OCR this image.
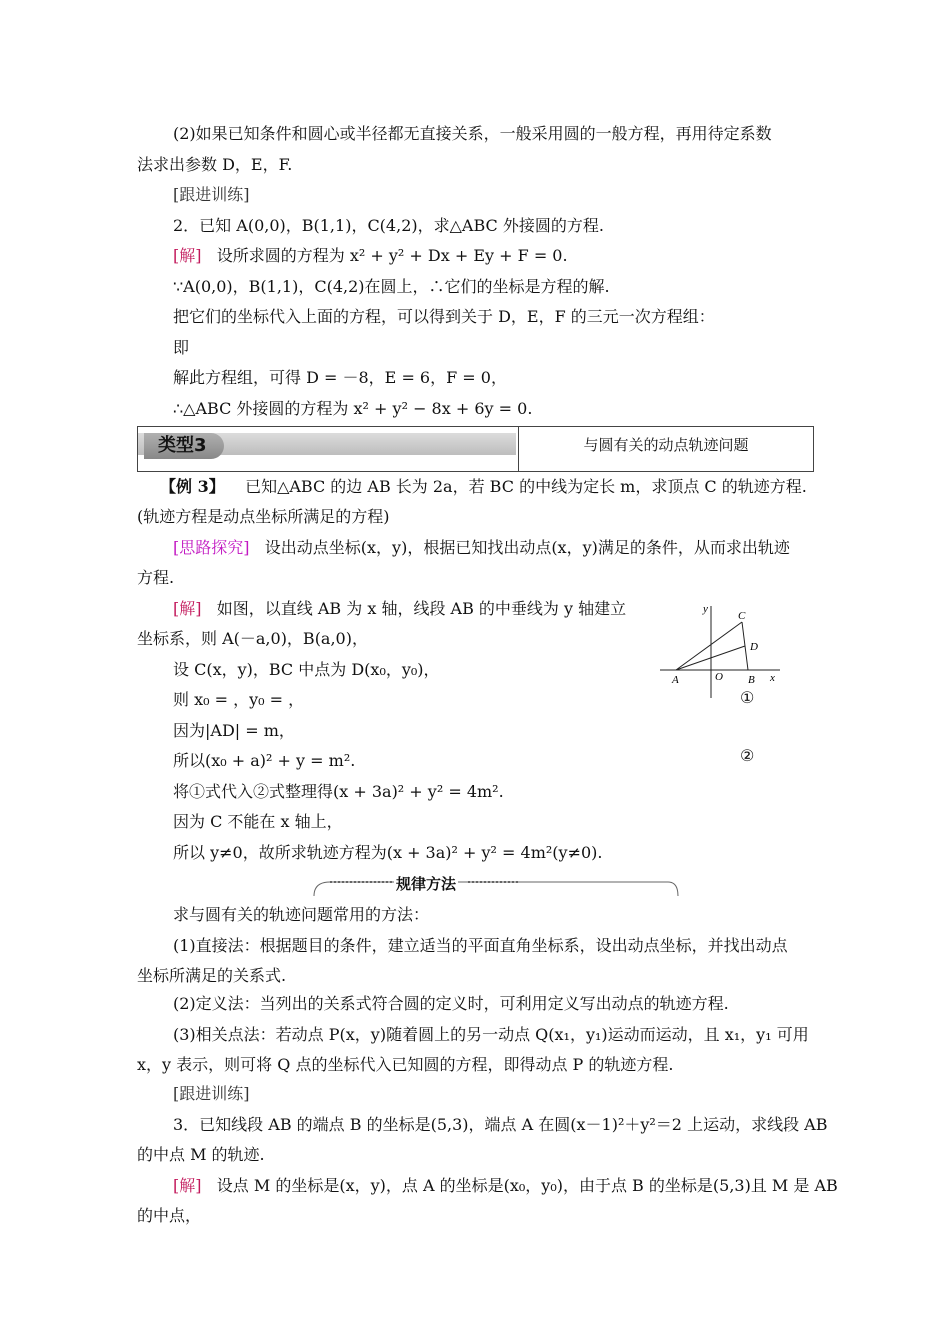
(2)如果已知条件和圆心或半径都无直接关系，一般采用圆的一般方程，再用待定系数
法求出参数 D，E，F.
[跟进训练]
2．已知 A(0,0)，B(1,1)，C(4,2)，求△ABC 外接圆的方程.
[解] 设所求圆的方程为 x² + y² + Dx + Ey + F = 0.
∵A(0,0)，B(1,1)，C(4,2)在圆上，∴它们的坐标是方程的解.
把它们的坐标代入上面的方程，可以得到关于 D，E，F 的三元一次方程组：
即
解此方程组，可得 D = －8，E = 6，F = 0，
∴△ABC 外接圆的方程为 x² + y² − 8x + 6y = 0.
类型3	与圆有关的动点轨迹问题
【例 3】 已知△ABC 的边 AB 长为 2a，若 BC 的中线为定长 m，求顶点 C 的轨迹方程.
(轨迹方程是动点坐标所满足的方程)
[思路探究] 设出动点坐标(x，y)，根据已知找出动点(x，y)满足的条件，从而求出轨迹
方程.
[解] 如图，以直线 AB 为 x 轴，线段 AB 的中垂线为 y 轴建立
坐标系，则 A(－a,0)，B(a,0)，
设 C(x，y)，BC 中点为 D(x₀，y₀)，
则 x₀ = ，y₀ = ，
因为|AD| = m，
所以(x₀ + a)² + y = m².
将①式代入②式整理得(x + 3a)² + y² = 4m².
因为 C 不能在 x 轴上，
所以 y≠0，故所求轨迹方程为(x + 3a)² + y² = 4m²(y≠0).
y
C
D
A	O B x
①
②
规律方法
求与圆有关的轨迹问题常用的方法：
(1)直接法：根据题目的条件，建立适当的平面直角坐标系，设出动点坐标，并找出动点
坐标所满足的关系式.
(2)定义法：当列出的关系式符合圆的定义时，可利用定义写出动点的轨迹方程.
(3)相关点法：若动点 P(x，y)随着圆上的另一动点 Q(x₁，y₁)运动而运动，且 x₁，y₁ 可用
x，y 表示，则可将 Q 点的坐标代入已知圆的方程，即得动点 P 的轨迹方程.
[跟进训练]
3．已知线段 AB 的端点 B 的坐标是(5,3)，端点 A 在圆(x－1)²＋y²＝2 上运动，求线段 AB
的中点 M 的轨迹.
[解] 设点 M 的坐标是(x，y)，点 A 的坐标是(x₀，y₀)，由于点 B 的坐标是(5,3)且 M 是 AB
的中点，
